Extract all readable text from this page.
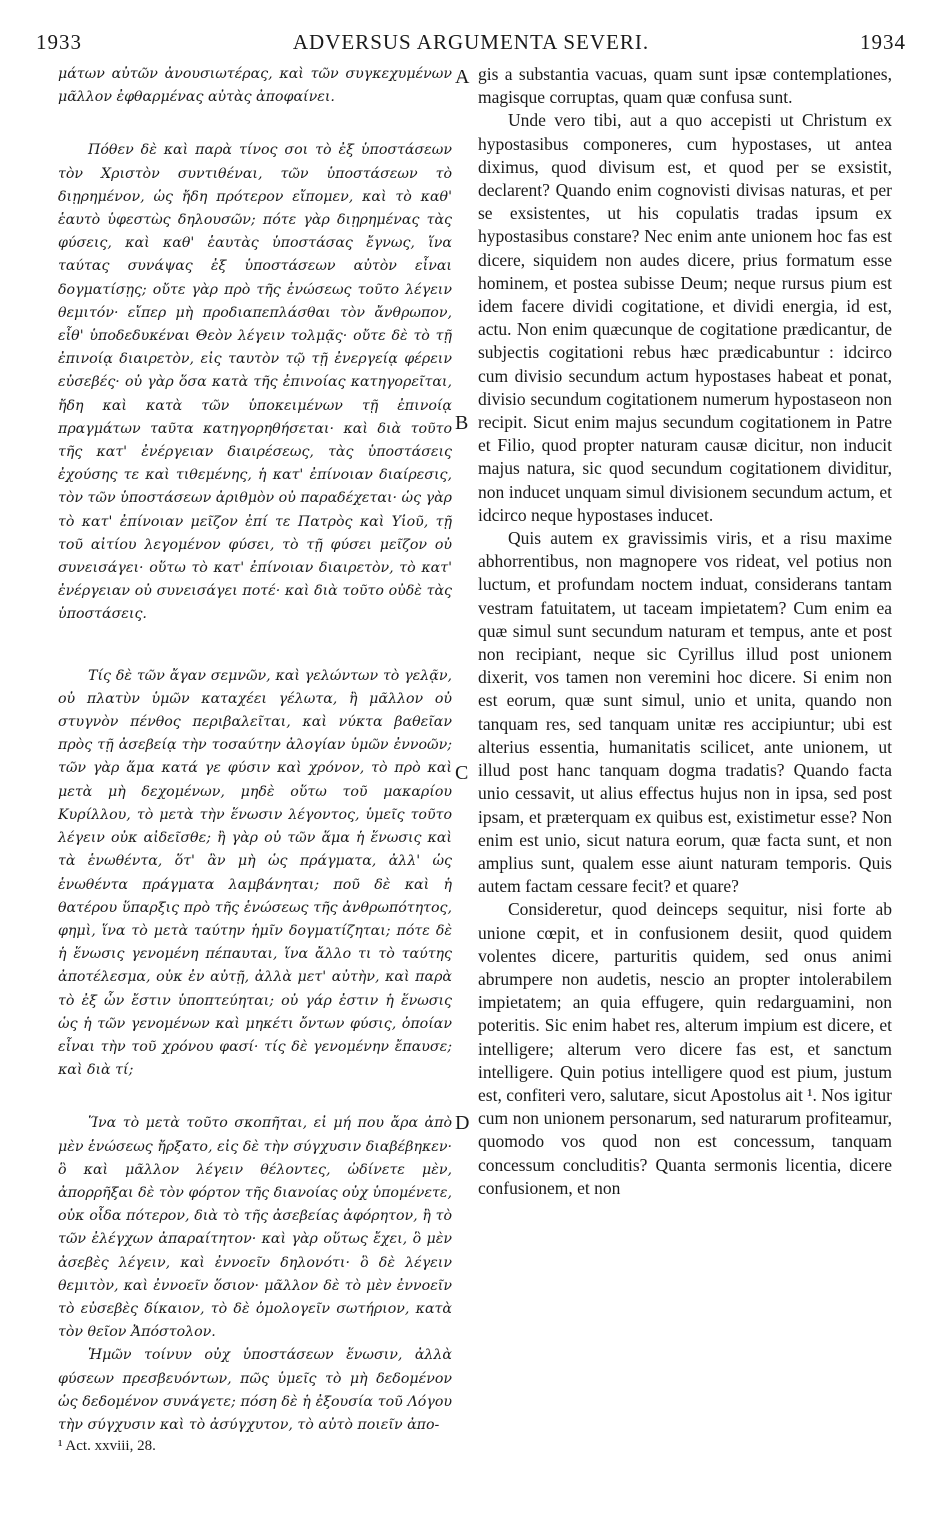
1933	ADVERSUS ARGUMENTA SEVERI.	1934

μάτων αὐτῶν ἀνουσιωτέρας, καὶ τῶν συγκεχυμένων μᾶλλον ἐφθαρμένας αὐτὰς ἀποφαίνει.

Πόθεν δὲ καὶ παρὰ τίνος σοι τὸ ἐξ ὑποστάσεων τὸν Χριστὸν συντιθέναι, τῶν ὑποστάσεων τὸ διῃρημένον, ὡς ἤδη πρότερον εἴπομεν, καὶ τὸ καθ' ἑαυτὸ ὑφεστὼς δηλουσῶν; πότε γὰρ διῃρημένας τὰς φύσεις, καὶ καθ' ἑαυτὰς ὑποστάσας ἔγνως, ἵνα ταύτας συνάψας ἐξ ὑποστάσεων αὐτὸν εἶναι δογματίσῃς; οὔτε γὰρ πρὸ τῆς ἑνώσεως τοῦτο λέγειν θεμιτόν· εἴπερ μὴ προδιαπεπλάσθαι τὸν ἄνθρωπον, εἶθ' ὑποδεδυκέναι Θεὸν λέγειν τολμᾷς· οὔτε δὲ τὸ τῇ ἐπινοίᾳ διαιρετὸν, εἰς ταυτὸν τῷ τῇ ἐνεργείᾳ φέρειν εὐσεβές· οὐ γὰρ ὅσα κατὰ τῆς ἐπινοίας κατηγορεῖται, ἤδη καὶ κατὰ τῶν ὑποκειμένων τῇ ἐπινοίᾳ πραγμάτων ταῦτα κατηγορηθήσεται· καὶ διὰ τοῦτο τῆς κατ' ἐνέργειαν διαιρέσεως, τὰς ὑποστάσεις ἐχούσης τε καὶ τιθεμένης, ἡ κατ' ἐπίνοιαν διαίρεσις, τὸν τῶν ὑποστάσεων ἀριθμὸν οὐ παραδέχεται· ὡς γὰρ τὸ κατ' ἐπίνοιαν μεῖζον ἐπί τε Πατρὸς καὶ Υἱοῦ, τῇ τοῦ αἰτίου λεγομένον φύσει, τὸ τῇ φύσει μεῖζον οὐ συνεισάγει· οὕτω τὸ κατ' ἐπίνοιαν διαιρετὸν, τὸ κατ' ἐνέργειαν οὐ συνεισάγει ποτέ· καὶ διὰ τοῦτο οὐδὲ τὰς ὑποστάσεις.

Τίς δὲ τῶν ἄγαν σεμνῶν, καὶ γελώντων τὸ γελᾷν, οὐ πλατὺν ὑμῶν καταχέει γέλωτα, ἢ μᾶλλον οὐ στυγνὸν πένθος περιβαλεῖται, καὶ νύκτα βαθεῖαν πρὸς τῇ ἀσεβείᾳ τὴν τοσαύτην ἀλογίαν ὑμῶν ἐννοῶν; τῶν γὰρ ἅμα κατά γε φύσιν καὶ χρόνον, τὸ πρὸ καὶ μετὰ μὴ δεχομένων, μηδὲ οὕτω τοῦ μακαρίου Κυρίλλου, τὸ μετὰ τὴν ἕνωσιν λέγοντος, ὑμεῖς τοῦτο λέγειν οὐκ αἰδεῖσθε; ἢ γὰρ οὐ τῶν ἅμα ἡ ἕνωσις καὶ τὰ ἑνωθέντα, ὅτ' ἂν μὴ ὡς πράγματα, ἀλλ' ὡς ἑνωθέντα πράγματα λαμβάνηται; ποῦ δὲ καὶ ἡ θατέρου ὕπαρξις πρὸ τῆς ἑνώσεως τῆς ἀνθρωπότητος, φημὶ, ἵνα τὸ μετὰ ταύτην ἡμῖν δογματίζηται; πότε δὲ ἡ ἕνωσις γενομένη πέπαυται, ἵνα ἄλλο τι τὸ ταύτης ἀποτέλεσμα, οὐκ ἐν αὐτῇ, ἀλλὰ μετ' αὐτὴν, καὶ παρὰ τὸ ἐξ ὧν ἔστιν ὑποπτεύηται; οὐ γάρ ἐστιν ἡ ἕνωσις ὡς ἡ τῶν γενομένων καὶ μηκέτι ὄντων φύσις, ὁποίαν εἶναι τὴν τοῦ χρόνου φασί· τίς δὲ γενομένην ἔπαυσε; καὶ διὰ τί;

Ἵνα τὸ μετὰ τοῦτο σκοπῆται, εἰ μή που ἄρα ἀπὸ μὲν ἑνώσεως ἤρξατο, εἰς δὲ τὴν σύγχυσιν διαβέβηκεν· ὃ καὶ μᾶλλον λέγειν θέλοντες, ὠδίνετε μὲν, ἀπορρῆξαι δὲ τὸν φόρτον τῆς διανοίας οὐχ ὑπομένετε, οὐκ οἶδα πότερον, διὰ τὸ τῆς ἀσεβείας ἀφόρητον, ἢ τὸ τῶν ἐλέγχων ἀπαραίτητον· καὶ γὰρ οὕτως ἔχει, ὃ μὲν ἀσεβὲς λέγειν, καὶ ἐννοεῖν δηλονότι· ὃ δὲ λέγειν θεμιτὸν, καὶ ἐννοεῖν ὅσιον· μᾶλλον δὲ τὸ μὲν ἐννοεῖν τὸ εὐσεβὲς δίκαιον, τὸ δὲ ὁμολογεῖν σωτήριον, κατὰ τὸν θεῖον Ἀπόστολον.

Ἡμῶν τοίνυν οὐχ ὑποστάσεων ἕνωσιν, ἀλλὰ φύσεων πρεσβευόντων, πῶς ὑμεῖς τὸ μὴ δεδομένον ὡς δεδομένον συνάγετε; πόση δὲ ἡ ἐξουσία τοῦ Λόγου τὴν σύγχυσιν καὶ τὸ ἀσύγχυτον, τὸ αὐτὸ ποιεῖν ἀπο-

gis a substantia vacuas, quam sunt ipsæ contemplationes, magisque corruptas, quam quæ confusa sunt.

Unde vero tibi, aut a quo accepisti ut Christum ex hypostasibus componeres, cum hypostases, ut antea diximus, quod divisum est, et quod per se exsistit, declarent? Quando enim cognovisti divisas naturas, et per se exsistentes, ut his copulatis tradas ipsum ex hypostasibus constare? Nec enim ante unionem hoc fas est dicere, siquidem non audes dicere, prius formatum esse hominem, et postea subisse Deum; neque rursus pium est idem facere dividi cogitatione, et dividi energia, id est, actu. Non enim quæcunque de cogitatione prædicantur, de subjectis cogitationi rebus hæc prædicabuntur : idcirco cum divisio secundum actum hypostases habeat et ponat, divisio secundum cogitationem numerum hypostaseon non recipit. Sicut enim majus secundum cogitationem in Patre et Filio, quod propter naturam causæ dicitur, non inducit majus natura, sic quod secundum cogitationem dividitur, non inducet unquam simul divisionem secundum actum, et idcirco neque hypostases inducet.

Quis autem ex gravissimis viris, et a risu maxime abhorrentibus, non magnopere vos rideat, vel potius non luctum, et profundam noctem induat, considerans tantam vestram fatuitatem, ut taceam impietatem? Cum enim ea quæ simul sunt secundum naturam et tempus, ante et post non recipiant, neque sic Cyrillus illud post unionem dixerit, vos tamen non veremini hoc dicere. Si enim non est eorum, quæ sunt simul, unio et unita, quando non tanquam res, sed tanquam unitæ res accipiuntur; ubi est alterius essentia, humanitatis scilicet, ante unionem, ut illud post hanc tanquam dogma tradatis? Quando facta unio cessavit, ut alius effectus hujus non in ipsa, sed post ipsam, et præterquam ex quibus est, existimetur esse? Non enim est unio, sicut natura eorum, quæ facta sunt, et non amplius sunt, qualem esse aiunt naturam temporis. Quis autem factam cessare fecit? et quare?

Consideretur, quod deinceps sequitur, nisi forte ab unione cœpit, et in confusionem desiit, quod quidem volentes dicere, parturitis quidem, sed onus animi abrumpere non audetis, nescio an propter intolerabilem impietatem; an quia effugere, quin redarguamini, non poteritis. Sic enim habet res, alterum impium est dicere, et intelligere; alterum vero dicere fas est, et sanctum intelligere. Quin potius intelligere quod est pium, justum est, confiteri vero, salutare, sicut Apostolus ait ¹. Nos igitur cum non unionem personarum, sed naturarum profiteamur, quomodo vos quod non est concessum, tanquam concessum concluditis? Quanta sermonis licentia, dicere confusionem, et non

A
B
C
D
¹ Act. xxviii, 28.
